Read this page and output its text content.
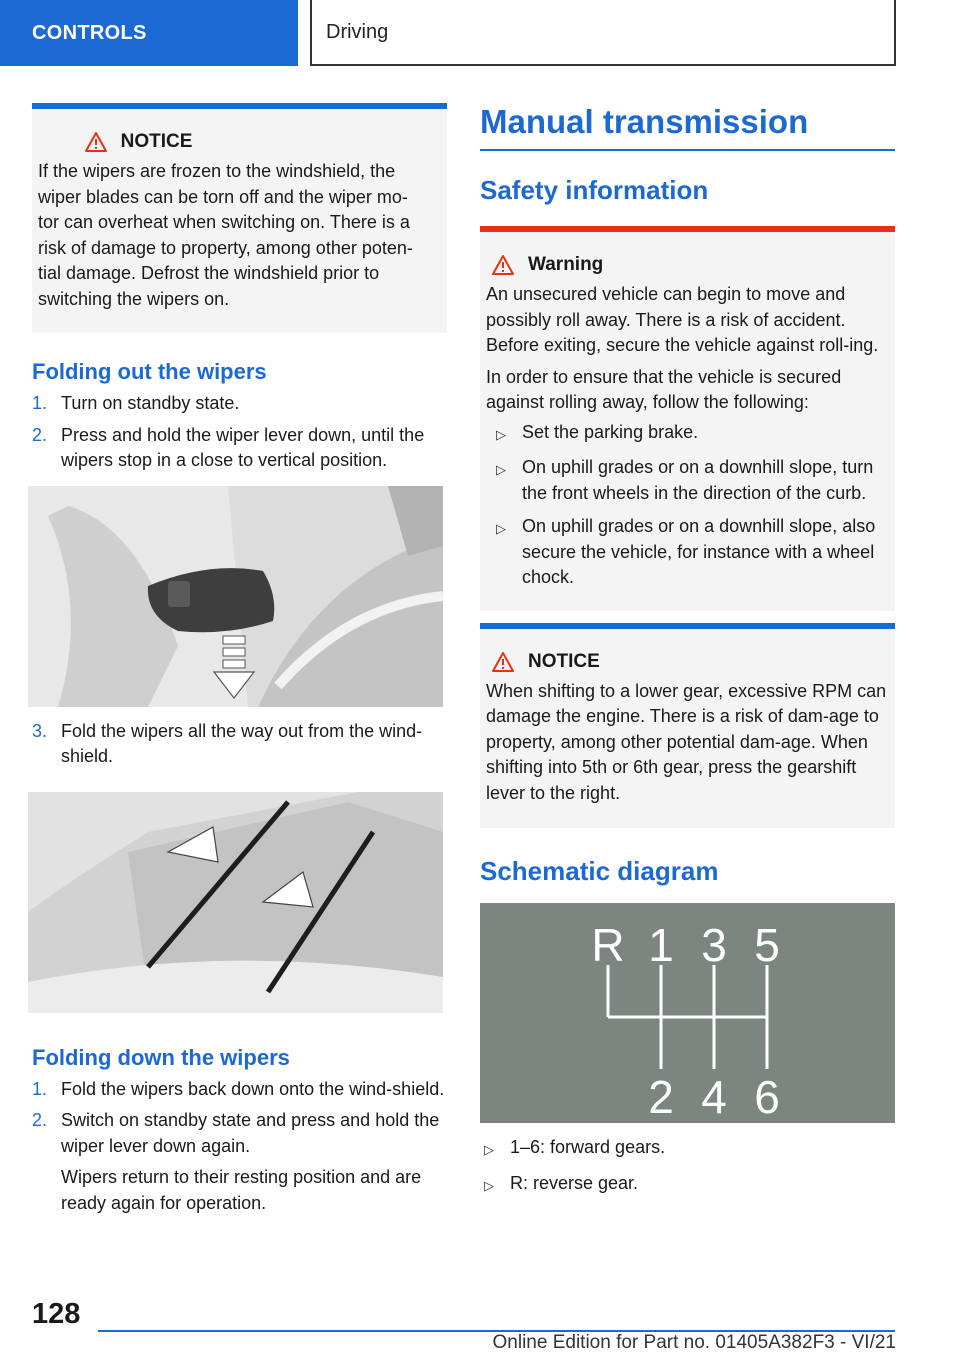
CONTROLS	Driving
NOTICE

If the wipers are frozen to the windshield, the

wiper blades can be torn off and the wiper mo-

tor can overheat when switching on. There is a

risk of damage to property, among other poten-

tial damage. Defrost the windshield prior to

switching the wipers on.

Folding out the wipers
1. Turn on standby state.
2. Press and hold the wiper lever down, until the wipers stop in a close to vertical position.
3. Fold the wipers all the way out from the wind-shield.
Folding down the wipers
1. Fold the wipers back down onto the wind-shield.
2. Switch on standby state and press and hold the wiper lever down again.

Wipers return to their resting position and are ready again for operation.

Manual transmission
Safety information
Warning

An unsecured vehicle can begin to move and possibly roll away. There is a risk of accident. Before exiting, secure the vehicle against roll-ing.

In order to ensure that the vehicle is secured against rolling away, follow the following:

▷ Set the parking brake.
▷ On uphill grades or on a downhill slope, turn the front wheels in the direction of the curb.
▷ On uphill grades or on a downhill slope, also secure the vehicle, for instance with a wheel chock.
NOTICE

When shifting to a lower gear, excessive RPM can damage the engine. There is a risk of dam-age to property, among other potential dam-age. When shifting into 5th or 6th gear, press the gearshift lever to the right.

Schematic diagram
R 1 3 5
2 4 6
▷ 1–6: forward gears.
▷ R: reverse gear.
128
Online Edition for Part no. 01405A382F3 - VI/21
